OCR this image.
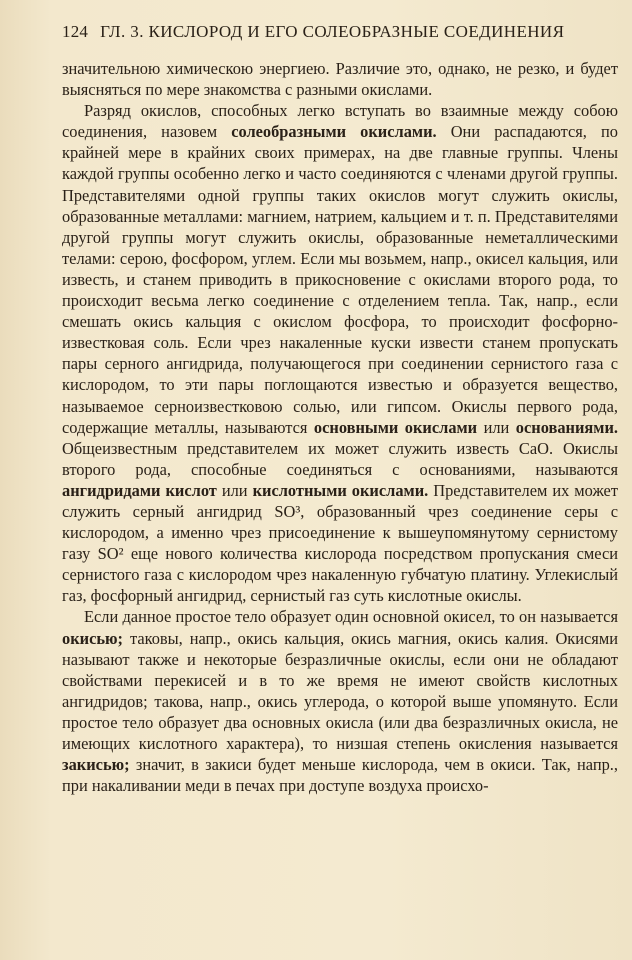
124 ГЛ. 3. КИСЛОРОД И ЕГО СОЛЕОБРАЗНЫЕ СОЕДИНЕНИЯ

значительною химическою энергиею. Различие это, однако, не резко, и будет выясняться по мере знакомства с разными окислами.

Разряд окислов, способных легко вступать во взаимные между собою соединения, назовем солеобразными окислами. Они распадаются, по крайней мере в крайних своих примерах, на две главные группы. Члены каждой группы особенно легко и часто соединяются с членами другой группы. Представителями одной группы таких окислов могут служить окислы, образованные металлами: магнием, натрием, кальцием и т. п. Представителями другой группы могут служить окислы, образованные неметаллическими телами: серою, фосфором, углем. Если мы возьмем, напр., окисел кальция, или известь, и станем приводить в прикосновение с окислами второго рода, то происходит весьма легко соединение с отделением тепла. Так, напр., если смешать окись кальция с окислом фосфора, то происходит фосфорно-известковая соль. Если чрез накаленные куски извести станем пропускать пары серного ангидрида, получающегося при соединении сернистого газа с кислородом, то эти пары поглощаются известью и образуется вещество, называемое серноизвестковою солью, или гипсом. Окислы первого рода, содержащие металлы, называются основными окислами или основаниями. Общеизвестным представителем их может служить известь CaO. Окислы второго рода, способные соединяться с основаниями, называются ангидридами кислот или кислотными окислами. Представителем их может служить серный ангидрид SO³, образованный чрез соединение серы с кислородом, а именно чрез присоединение к вышеупомянутому сернистому газу SO² еще нового количества кислорода посредством пропускания смеси сернистого газа с кислородом чрез накаленную губчатую платину. Углекислый газ, фосфорный ангидрид, сернистый газ суть кислотные окислы.

Если данное простое тело образует один основной окисел, то он называется окисью; таковы, напр., окись кальция, окись магния, окись калия. Окисями называют также и некоторые безразличные окислы, если они не обладают свойствами перекисей и в то же время не имеют свойств кислотных ангидридов; такова, напр., окись углерода, о которой выше упомянуто. Если простое тело образует два основных окисла (или два безразличных окисла, не имеющих кислотного характера), то низшая степень окисления называется закисью; значит, в закиси будет меньше кислорода, чем в окиси. Так, напр., при накаливании меди в печах при доступе воздуха происхо-
